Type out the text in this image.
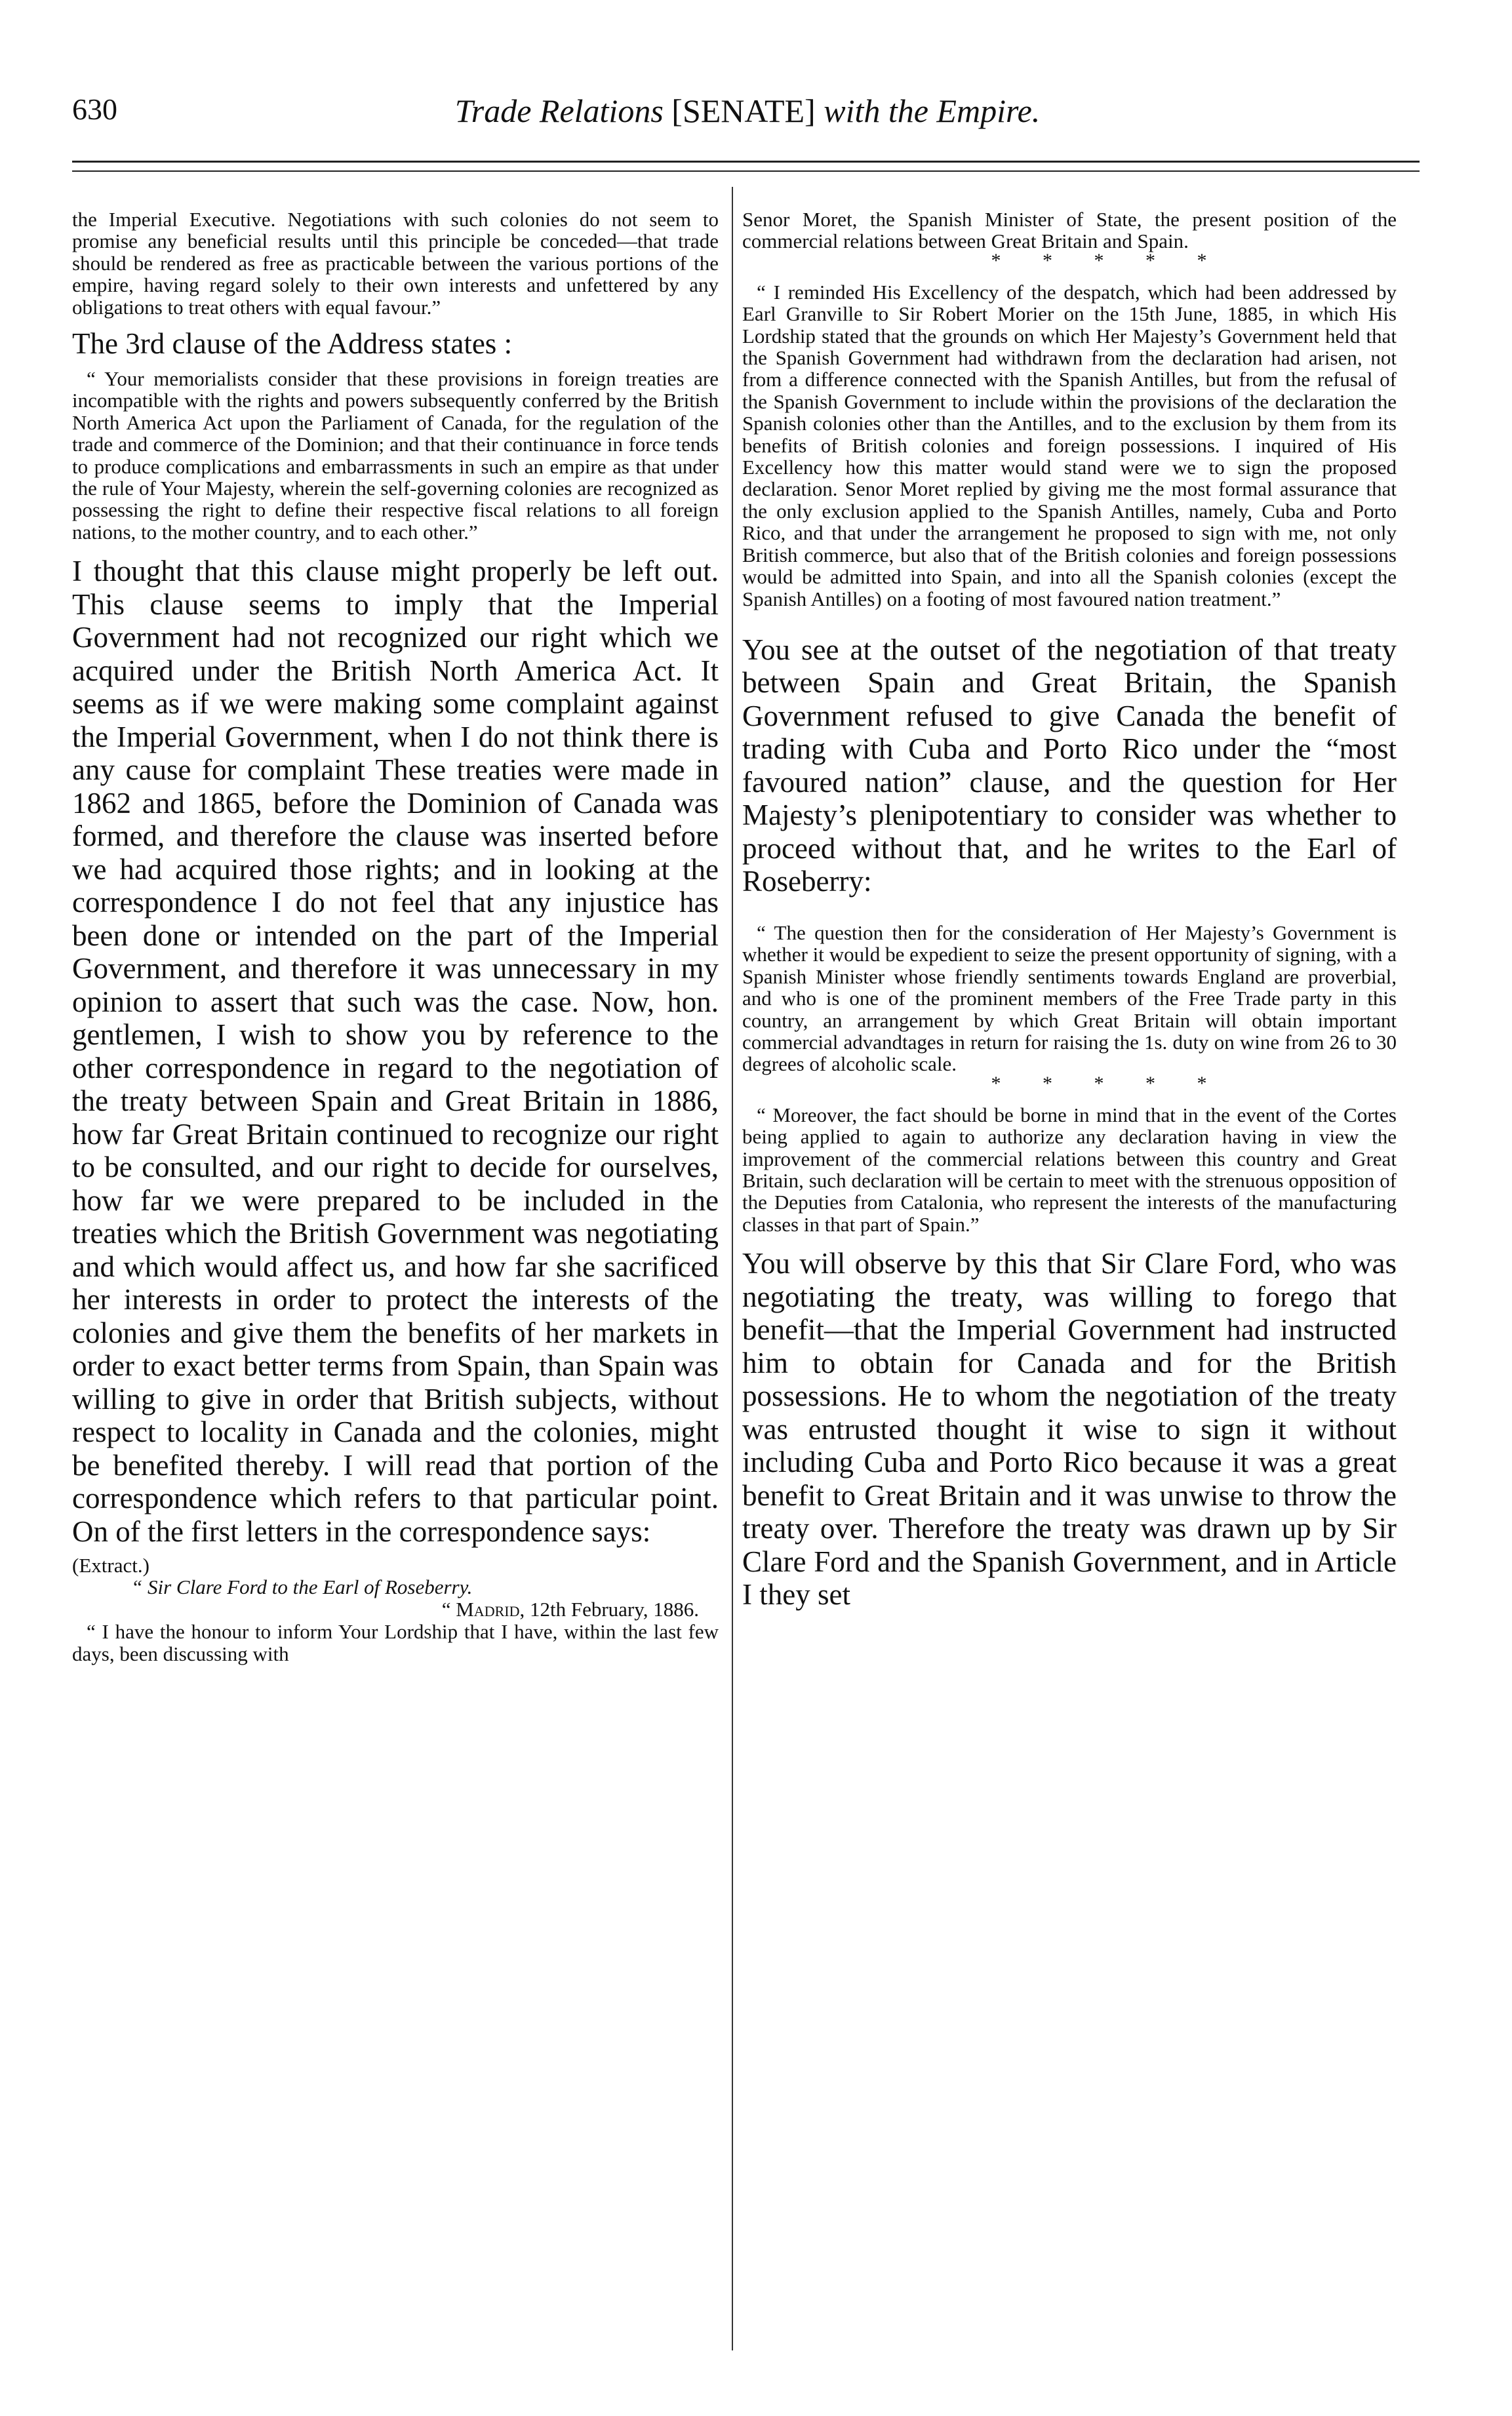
630	Trade Relations [SENATE] with the Empire.

the Imperial Executive. Negotiations with such colonies do not seem to promise any beneficial results until this principle be conceded—that trade should be rendered as free as practicable between the various portions of the empire, having regard solely to their own interests and unfettered by any obligations to treat others with equal favour.”

The 3rd clause of the Address states :

“ Your memorialists consider that these provisions in foreign treaties are incompatible with the rights and powers subsequently conferred by the British North America Act upon the Parliament of Canada, for the regulation of the trade and commerce of the Dominion; and that their continuance in force tends to produce complications and embarrassments in such an empire as that under the rule of Your Majesty, wherein the self-governing colonies are recognized as possessing the right to define their respective fiscal relations to all foreign nations, to the mother country, and to each other.”

I thought that this clause might properly be left out. This clause seems to imply that the Imperial Government had not recognized our right which we acquired under the British North America Act. It seems as if we were making some complaint against the Imperial Government, when I do not think there is any cause for complaint These treaties were made in 1862 and 1865, before the Dominion of Canada was formed, and therefore the clause was inserted before we had acquired those rights; and in looking at the correspondence I do not feel that any injustice has been done or intended on the part of the Imperial Government, and therefore it was unnecessary in my opinion to assert that such was the case. Now, hon. gentlemen, I wish to show you by reference to the other correspondence in regard to the negotiation of the treaty between Spain and Great Britain in 1886, how far Great Britain continued to recognize our right to be consulted, and our right to decide for ourselves, how far we were prepared to be included in the treaties which the British Government was negotiating and which would affect us, and how far she sacrificed her interests in order to protect the interests of the colonies and give them the benefits of her markets in order to exact better terms from Spain, than Spain was willing to give in order that British subjects, without respect to locality in Canada and the colonies, might be benefited thereby. I will read that portion of the correspondence which refers to that particular point. On of the first letters in the correspondence says:

(Extract.)

“ Sir Clare Ford to the Earl of Roseberry.

“ Madrid, 12th February, 1886.

“ I have the honour to inform Your Lordship that I have, within the last few days, been discussing with

Senor Moret, the Spanish Minister of State, the present position of the commercial relations between Great Britain and Spain.

* * * * *

“ I reminded His Excellency of the despatch, which had been addressed by Earl Granville to Sir Robert Morier on the 15th June, 1885, in which His Lordship stated that the grounds on which Her Majesty’s Government held that the Spanish Government had withdrawn from the declaration had arisen, not from a difference connected with the Spanish Antilles, but from the refusal of the Spanish Government to include within the provisions of the declaration the Spanish colonies other than the Antilles, and to the exclusion by them from its benefits of British colonies and foreign possessions. I inquired of His Excellency how this matter would stand were we to sign the proposed declaration. Senor Moret replied by giving me the most formal assurance that the only exclusion applied to the Spanish Antilles, namely, Cuba and Porto Rico, and that under the arrangement he proposed to sign with me, not only British commerce, but also that of the British colonies and foreign possessions would be admitted into Spain, and into all the Spanish colonies (except the Spanish Antilles) on a footing of most favoured nation treatment.”

You see at the outset of the negotiation of that treaty between Spain and Great Britain, the Spanish Government refused to give Canada the benefit of trading with Cuba and Porto Rico under the “most favoured nation” clause, and the question for Her Majesty’s plenipotentiary to consider was whether to proceed without that, and he writes to the Earl of Roseberry:

“ The question then for the consideration of Her Majesty’s Government is whether it would be expedient to seize the present opportunity of signing, with a Spanish Minister whose friendly sentiments towards England are proverbial, and who is one of the prominent members of the Free Trade party in this country, an arrangement by which Great Britain will obtain important commercial advandtages in return for raising the 1s. duty on wine from 26 to 30 degrees of alcoholic scale.

* * * * *

“ Moreover, the fact should be borne in mind that in the event of the Cortes being applied to again to authorize any declaration having in view the improvement of the commercial relations between this country and Great Britain, such declaration will be certain to meet with the strenuous opposition of the Deputies from Catalonia, who represent the interests of the manufacturing classes in that part of Spain.”

You will observe by this that Sir Clare Ford, who was negotiating the treaty, was willing to forego that benefit—that the Imperial Government had instructed him to obtain for Canada and for the British possessions. He to whom the negotiation of the treaty was entrusted thought it wise to sign it without including Cuba and Porto Rico because it was a great benefit to Great Britain and it was unwise to throw the treaty over. Therefore the treaty was drawn up by Sir Clare Ford and the Spanish Government, and in Article I they set
